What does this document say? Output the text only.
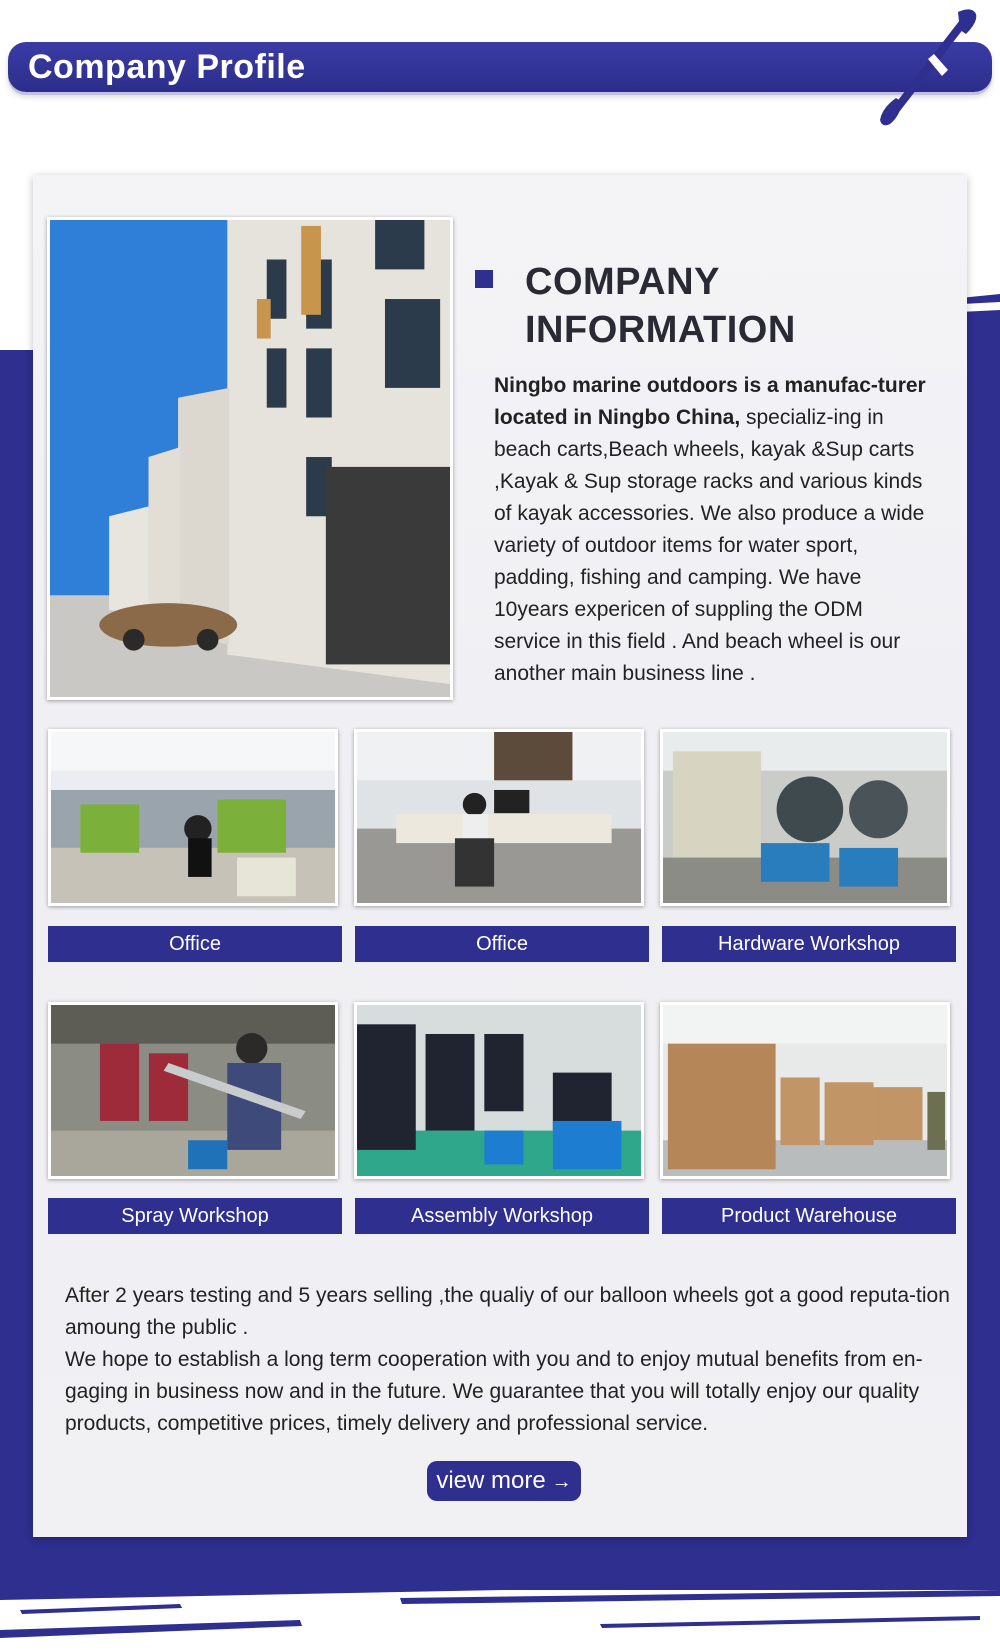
Company Profile
COMPANY
INFORMATION
Ningbo marine outdoors is a manufac-turer located in Ningbo China, specializ-ing in beach carts,Beach wheels, kayak &Sup carts ,Kayak & Sup storage racks and various kinds of kayak accessories. We also produce a wide variety of outdoor items for water sport, padding, fishing and camping. We have 10years expericen of suppling the ODM service in this field . And beach wheel is our another main business line .
Office	Office	Hardware Workshop
Spray Workshop	Assembly Workshop	Product Warehouse
After 2 years testing and 5 years selling ,the qualiy of our balloon wheels got a good reputa-tion amoung the public .
We hope to establish a long term cooperation with you and to enjoy mutual benefits from en-gaging in business now and in the future. We guarantee that you will totally enjoy our quality products, competitive prices, timely delivery and professional service.
view more →
